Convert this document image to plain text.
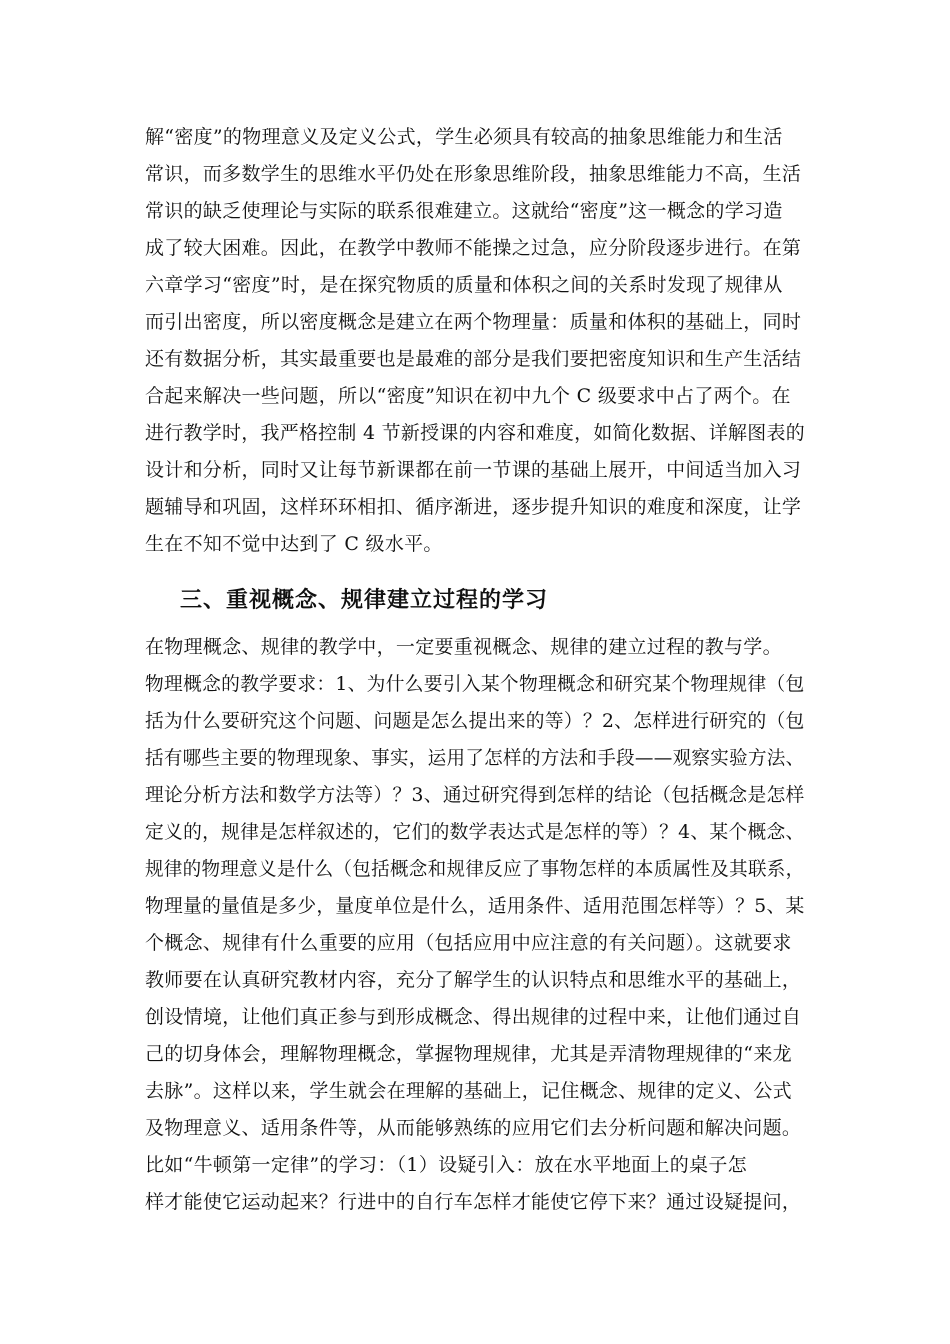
解“密度”的物理意义及定义公式，学生必须具有较高的抽象思维能力和生活
常识，而多数学生的思维水平仍处在形象思维阶段，抽象思维能力不高，生活
常识的缺乏使理论与实际的联系很难建立。这就给“密度”这一概念的学习造
成了较大困难。因此，在教学中教师不能操之过急，应分阶段逐步进行。在第
六章学习“密度”时，是在探究物质的质量和体积之间的关系时发现了规律从
而引出密度，所以密度概念是建立在两个物理量：质量和体积的基础上，同时
还有数据分析，其实最重要也是最难的部分是我们要把密度知识和生产生活结
合起来解决一些问题，所以“密度”知识在初中九个 C 级要求中占了两个。在
进行教学时，我严格控制 4 节新授课的内容和难度，如简化数据、详解图表的
设计和分析，同时又让每节新课都在前一节课的基础上展开，中间适当加入习
题辅导和巩固，这样环环相扣、循序渐进，逐步提升知识的难度和深度，让学
生在不知不觉中达到了 C 级水平。
三、重视概念、规律建立过程的学习
在物理概念、规律的教学中，一定要重视概念、规律的建立过程的教与学。
物理概念的教学要求：1、为什么要引入某个物理概念和研究某个物理规律（包
括为什么要研究这个问题、问题是怎么提出来的等）？2、怎样进行研究的（包
括有哪些主要的物理现象、事实，运用了怎样的方法和手段——观察实验方法、
理论分析方法和数学方法等）？3、通过研究得到怎样的结论（包括概念是怎样
定义的，规律是怎样叙述的，它们的数学表达式是怎样的等）？4、某个概念、
规律的物理意义是什么（包括概念和规律反应了事物怎样的本质属性及其联系，
物理量的量值是多少，量度单位是什么，适用条件、适用范围怎样等）？5、某
个概念、规律有什么重要的应用（包括应用中应注意的有关问题）。这就要求
教师要在认真研究教材内容，充分了解学生的认识特点和思维水平的基础上，
创设情境，让他们真正参与到形成概念、得出规律的过程中来，让他们通过自
己的切身体会，理解物理概念，掌握物理规律，尤其是弄清物理规律的“来龙
去脉”。这样以来，学生就会在理解的基础上，记住概念、规律的定义、公式
及物理意义、适用条件等，从而能够熟练的应用它们去分析问题和解决问题。
比如“牛顿第一定律”的学习：（1）设疑引入：放在水平地面上的桌子怎
样才能使它运动起来？行进中的自行车怎样才能使它停下来？通过设疑提问，
